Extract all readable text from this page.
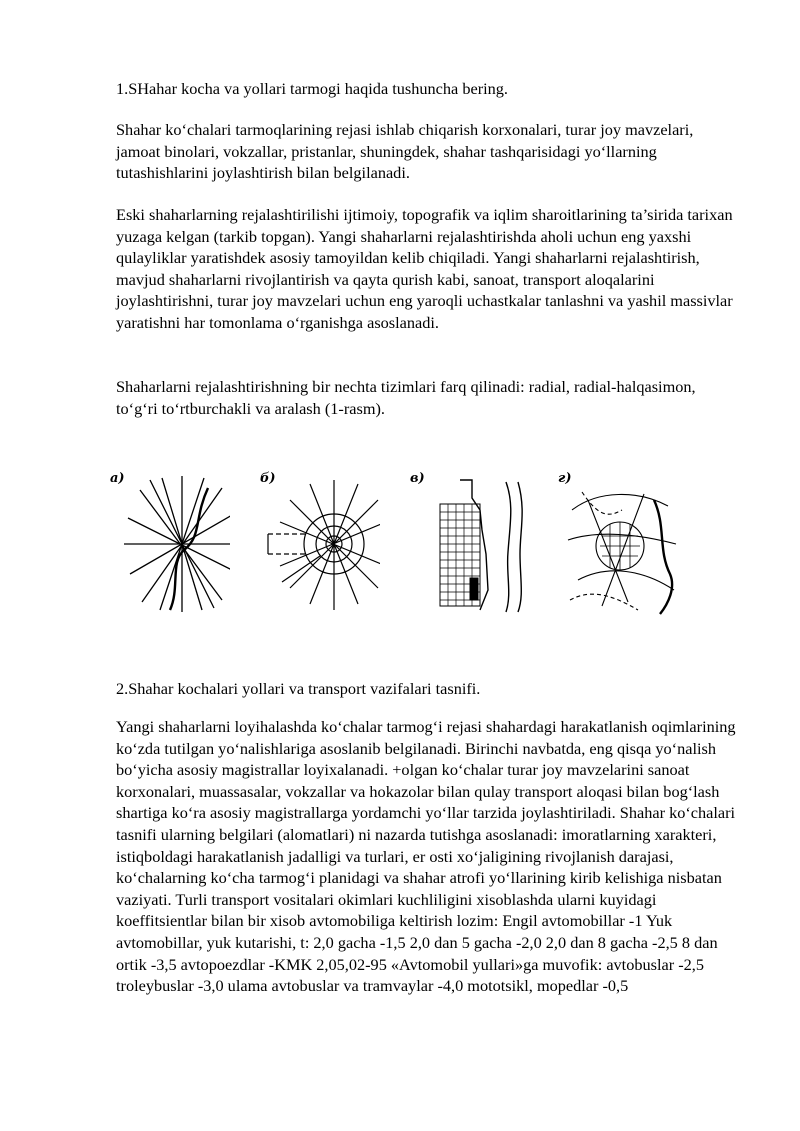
1.SHahar kocha va yollari tarmogi haqida tushuncha bering.

Shahar ko‘chalari tarmoqlarining rejasi ishlab chiqarish korxonalari, turar joy mavzelari, jamoat binolari, vokzallar, pristanlar, shuningdek, shahar tashqarisidagi yo‘llarning tutashishlarini joylashtirish bilan belgilanadi.

Eski shaharlarning rejalashtirilishi ijtimoiy, topografik va iqlim sharoitlarining ta’sirida tarixan yuzaga kelgan (tarkib topgan). Yangi shaharlarni rejalashtirishda aholi uchun eng yaxshi qulayliklar yaratishdek asosiy tamoyildan kelib chiqiladi. Yangi shaharlarni rejalashtirish, mavjud shaharlarni rivojlantirish va qayta qurish kabi, sanoat, transport aloqalarini joylashtirishni, turar joy mavzelari uchun eng yaroqli uchastkalar tanlashni va yashil massivlar yaratishni har tomonlama o‘rganishga asoslanadi.

Shaharlarni rejalashtirishning bir nechta tizimlari farq qilinadi: radial, radial-halqasimon, to‘g‘ri to‘rtburchakli va aralash (1-rasm).

а)	б)	в)	г)

2.Shahar kochalari yollari va transport vazifalari tasnifi.

Yangi shaharlarni loyihalashda ko‘chalar tarmog‘i rejasi shahardagi harakatlanish oqimlarining ko‘zda tutilgan yo‘nalishlariga asoslanib belgilanadi. Birinchi navbatda, eng qisqa yo‘nalish bo‘yicha asosiy magistrallar loyixalanadi. +olgan ko‘chalar turar joy mavzelarini sanoat korxonalari, muassasalar, vokzallar va hokazolar bilan qulay transport aloqasi bilan bog‘lash shartiga ko‘ra asosiy magistrallarga yordamchi yo‘llar tarzida joylashtiriladi. Shahar ko‘chalari tasnifi ularning belgilari (alomatlari) ni nazarda tutishga asoslanadi: imoratlarning xarakteri, istiqboldagi harakatlanish jadalligi va turlari, er osti xo‘jaligining rivojlanish darajasi, ko‘chalarning ko‘cha tarmog‘i planidagi va shahar atrofi yo‘llarining kirib kelishiga nisbatan vaziyati. Turli transport vositalari okimlari kuchliligini xisoblashda ularni kuyidagi koeffitsientlar bilan bir xisob avtomobiliga keltirish lozim: Engil avtomobillar -1 Yuk avtomobillar, yuk kutarishi, t: 2,0 gacha -1,5 2,0 dan 5 gacha -2,0 2,0 dan 8 gacha -2,5 8 dan ortik -3,5 avtopoezdlar -KMK 2,05,02-95 «Avtomobil yullari»ga muvofik: avtobuslar -2,5 troleybuslar -3,0 ulama avtobuslar va tramvaylar -4,0 mototsikl, mopedlar -0,5
